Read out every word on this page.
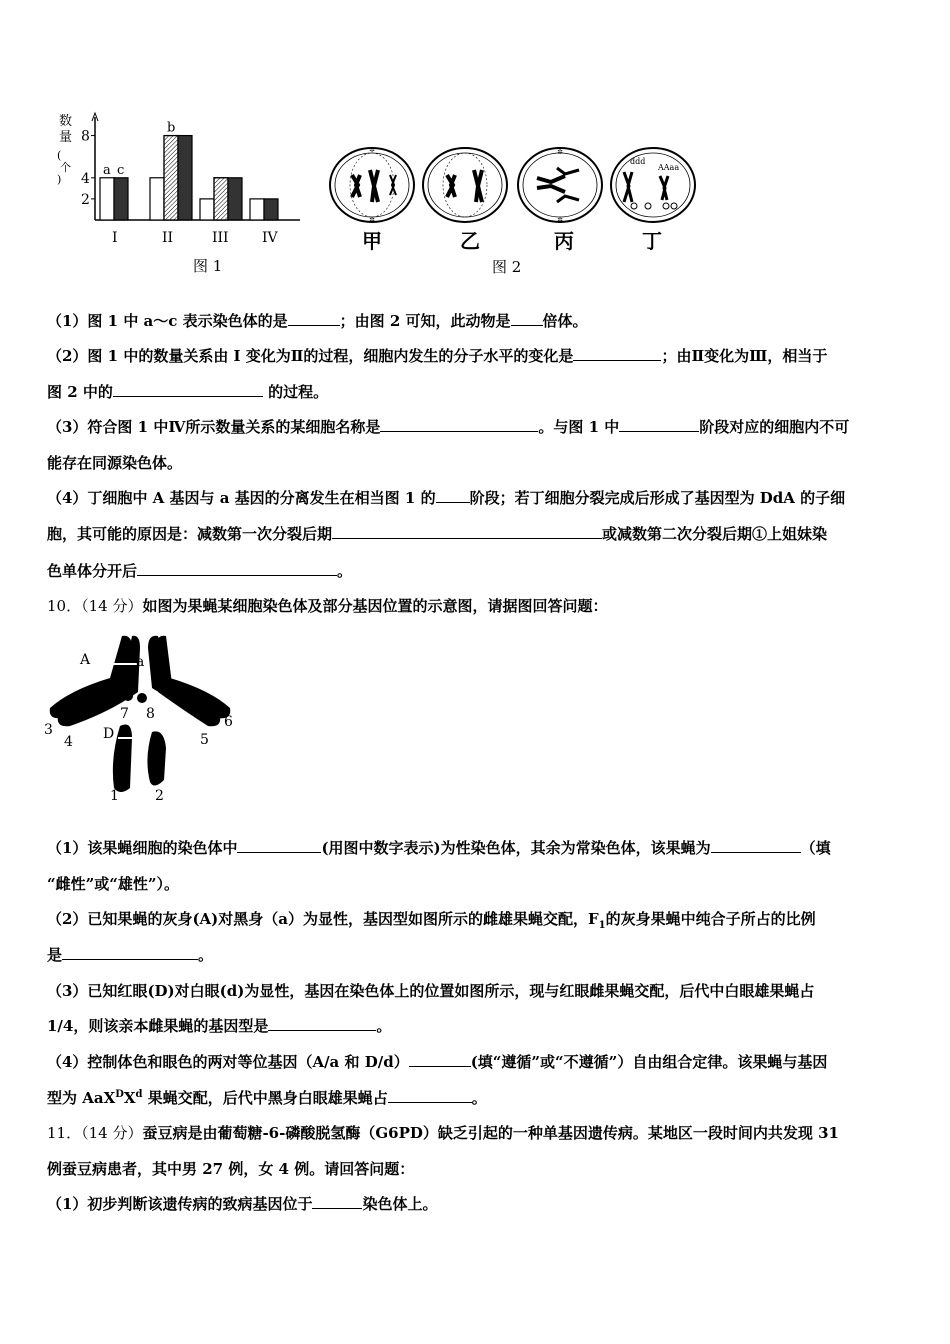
数
量
(
个
)
8
4
2
a c
I
b
II	III IV
图 1
✲
✲
✲
✲
ddd
AAaa
甲	乙	丙	丁
图 2
（1）图 1 中 a～c 表示染色体的是	；由图 2 可知，此动物是 倍体。
（2）图 1 中的数量关系由 I 变化为Ⅱ的过程，细胞内发生的分子水平的变化是	；由Ⅱ变化为Ⅲ，相当于
图 2 中的	的过程。
（3）符合图 1 中Ⅳ所示数量关系的某细胞名称是	。与图 1 中	阶段对应的细胞内不可
能存在同源染色体。
（4）丁细胞中 A 基因与 a 基因的分离发生在相当图 1 的 阶段；若丁细胞分裂完成后形成了基因型为 DdA 的子细
胞，其可能的原因是：减数第一次分裂后期	或减数第二次分裂后期①上姐妹染
色单体分开后	。
10．（14 分）如图为果蝇某细胞染色体及部分基因位置的示意图，请据图回答问题：
A	a
7 8
3
4 D	5
6
1	2
（1）该果蝇细胞的染色体中	(用图中数字表示)为性染色体，其余为常染色体，该果蝇为	（填
“雌性”或“雄性”）。
（2）已知果蝇的灰身(A)对黑身（a）为显性，基因型如图所示的雌雄果蝇交配，$F_1$的灰身果蝇中纯合子所占的比例
是	。
（3）已知红眼(D)对白眼(d)为显性，基因在染色体上的位置如图所示，现与红眼雌果蝇交配，后代中白眼雄果蝇占
1/4，则该亲本雌果蝇的基因型是	。
（4）控制体色和眼色的两对等位基因（A/a 和 D/d）	(填“遵循”或“不遵循”）自由组合定律。该果蝇与基因
型为 $AaX^DX^d$ 果蝇交配，后代中黑身白眼雄果蝇占	。
11．（14 分）蚕豆病是由葡萄糖-6-磷酸脱氢酶（G6PD）缺乏引起的一种单基因遗传病。某地区一段时间内共发现 31
例蚕豆病患者，其中男 27 例，女 4 例。请回答问题：
（1）初步判断该遗传病的致病基因位于	染色体上。
